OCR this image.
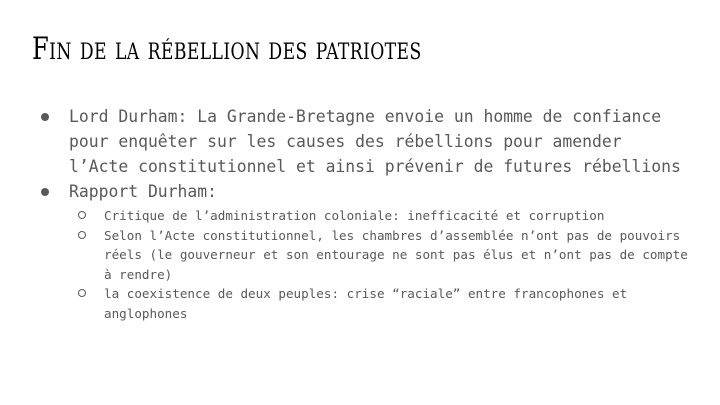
Fin de la rébellion des patriotes
Lord Durham: La Grande-Bretagne envoie un homme de confiance pour enquêter sur les causes des rébellions pour amender l’Acte constitutionnel et ainsi prévenir de futures rébellions
Rapport Durham:
Critique de l’administration coloniale: inefficacité et corruption
Selon l’Acte constitutionnel, les chambres d’assemblée n’ont pas de pouvoirs réels (le gouverneur et son entourage ne sont pas élus et n’ont pas de compte à rendre)
la coexistence de deux peuples: crise “raciale” entre francophones et anglophones
